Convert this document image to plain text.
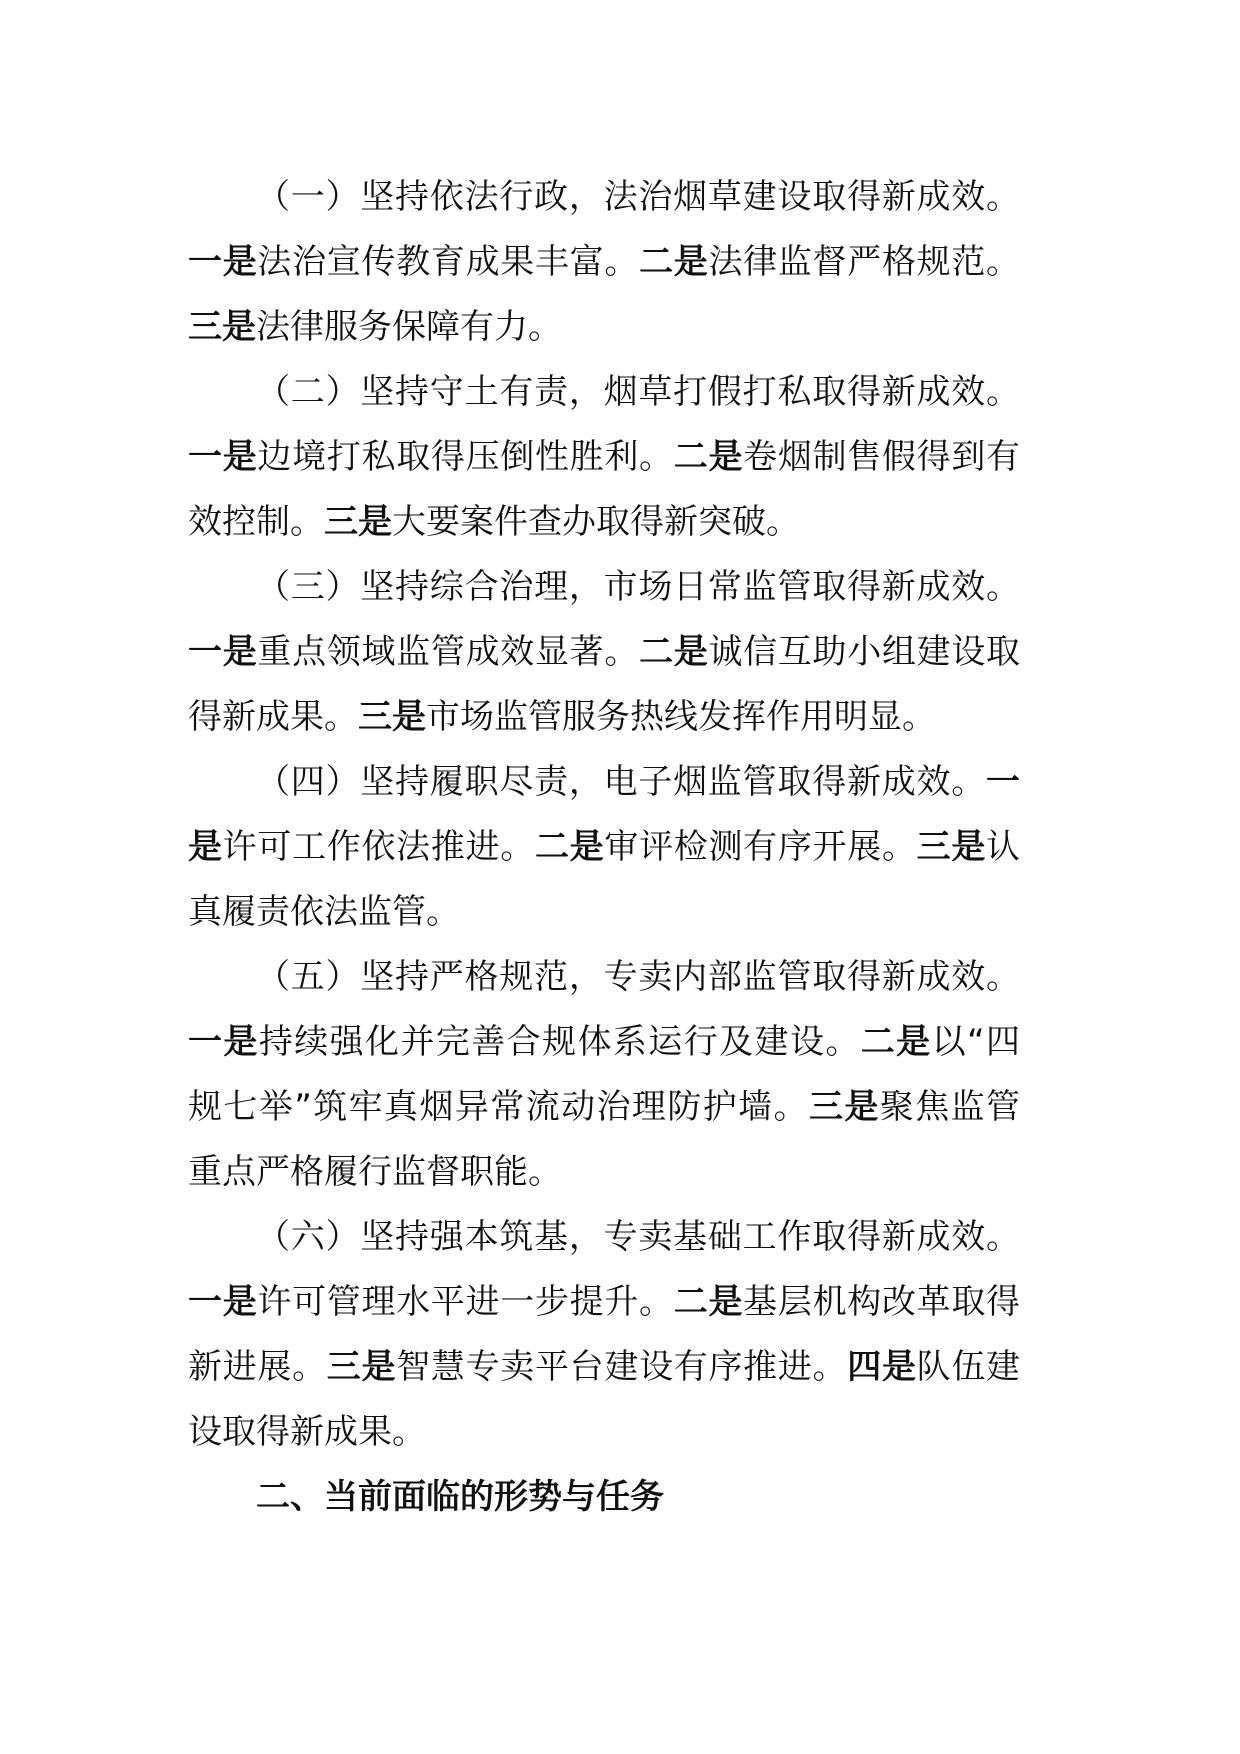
（一）坚持依法行政，法治烟草建设取得新成效。一是法治宣传教育成果丰富。二是法律监督严格规范。三是法律服务保障有力。

（二）坚持守土有责，烟草打假打私取得新成效。一是边境打私取得压倒性胜利。二是卷烟制售假得到有效控制。三是大要案件查办取得新突破。

（三）坚持综合治理，市场日常监管取得新成效。一是重点领域监管成效显著。二是诚信互助小组建设取得新成果。三是市场监管服务热线发挥作用明显。

（四）坚持履职尽责，电子烟监管取得新成效。一是许可工作依法推进。二是审评检测有序开展。三是认真履责依法监管。

（五）坚持严格规范，专卖内部监管取得新成效。一是持续强化并完善合规体系运行及建设。二是以“四规七举”筑牢真烟异常流动治理防护墙。三是聚焦监管重点严格履行监督职能。

（六）坚持强本筑基，专卖基础工作取得新成效。一是许可管理水平进一步提升。二是基层机构改革取得新进展。三是智慧专卖平台建设有序推进。四是队伍建设取得新成果。

二、当前面临的形势与任务
